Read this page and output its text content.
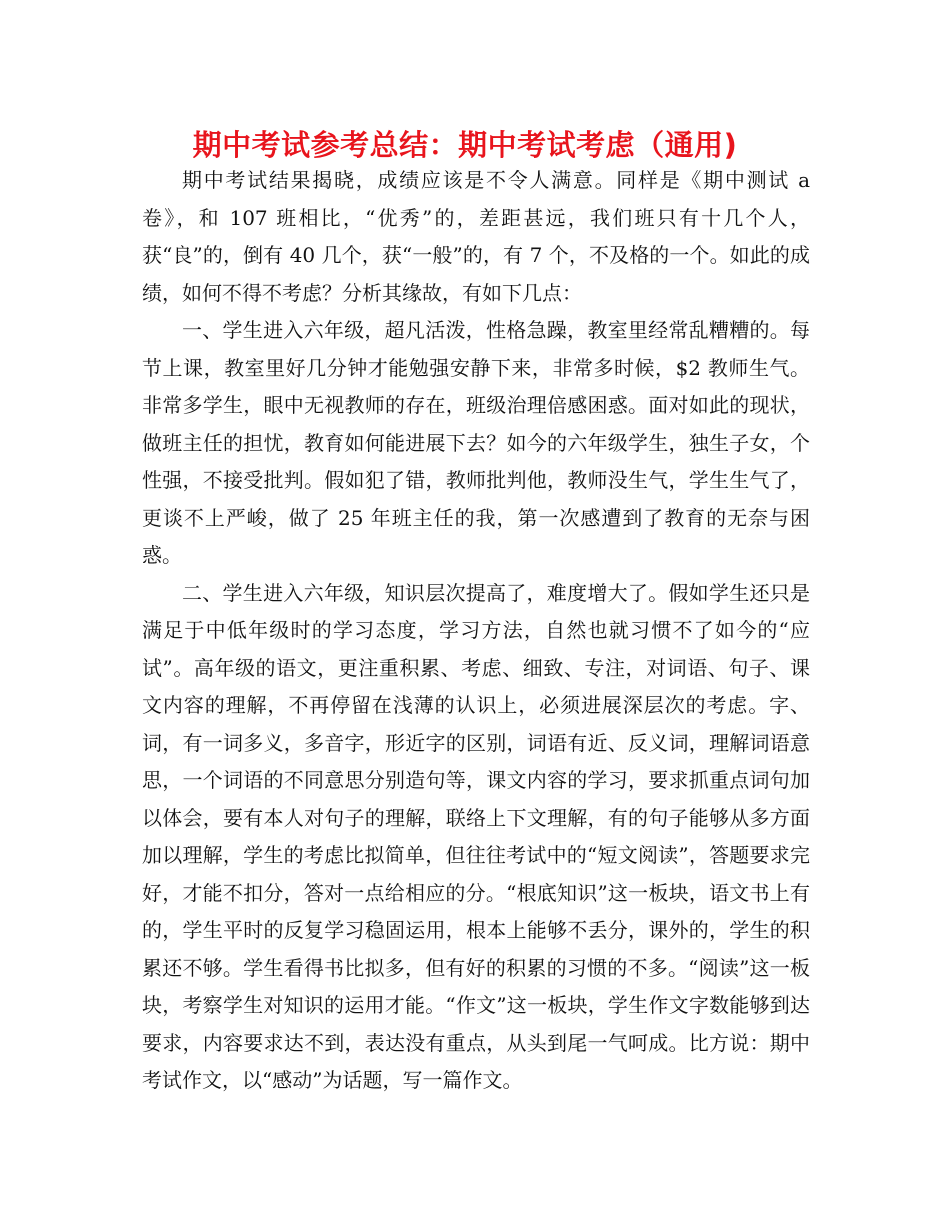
期中考试参考总结：期中考试考虑（通用)

期中考试结果揭晓，成绩应该是不令人满意。同样是《期中测试 a 卷》，和 107 班相比，“优秀”的，差距甚远，我们班只有十几个人，获“良”的，倒有 40 几个，获“一般”的，有 7 个，不及格的一个。如此的成绩，如何不得不考虑？分析其缘故，有如下几点：

一、学生进入六年级，超凡活泼，性格急躁，教室里经常乱糟糟的。每节上课，教室里好几分钟才能勉强安静下来，非常多时候，$2 教师生气。非常多学生，眼中无视教师的存在，班级治理倍感困惑。面对如此的现状，做班主任的担忧，教育如何能进展下去？如今的六年级学生，独生子女，个性强，不接受批判。假如犯了错，教师批判他，教师没生气，学生生气了，更谈不上严峻，做了 25 年班主任的我，第一次感遭到了教育的无奈与困惑。

二、学生进入六年级，知识层次提高了，难度增大了。假如学生还只是满足于中低年级时的学习态度，学习方法，自然也就习惯不了如今的“应试”。高年级的语文，更注重积累、考虑、细致、专注，对词语、句子、课文内容的理解，不再停留在浅薄的认识上，必须进展深层次的考虑。字、词，有一词多义，多音字，形近字的区别，词语有近、反义词，理解词语意思，一个词语的不同意思分别造句等，课文内容的学习，要求抓重点词句加以体会，要有本人对句子的理解，联络上下文理解，有的句子能够从多方面加以理解，学生的考虑比拟简单，但往往考试中的“短文阅读”，答题要求完好，才能不扣分，答对一点给相应的分。“根底知识”这一板块，语文书上有的，学生平时的反复学习稳固运用，根本上能够不丢分，课外的，学生的积累还不够。学生看得书比拟多，但有好的积累的习惯的不多。“阅读”这一板块，考察学生对知识的运用才能。“作文”这一板块，学生作文字数能够到达要求，内容要求达不到，表达没有重点，从头到尾一气呵成。比方说：期中考试作文，以“感动”为话题，写一篇作文。
